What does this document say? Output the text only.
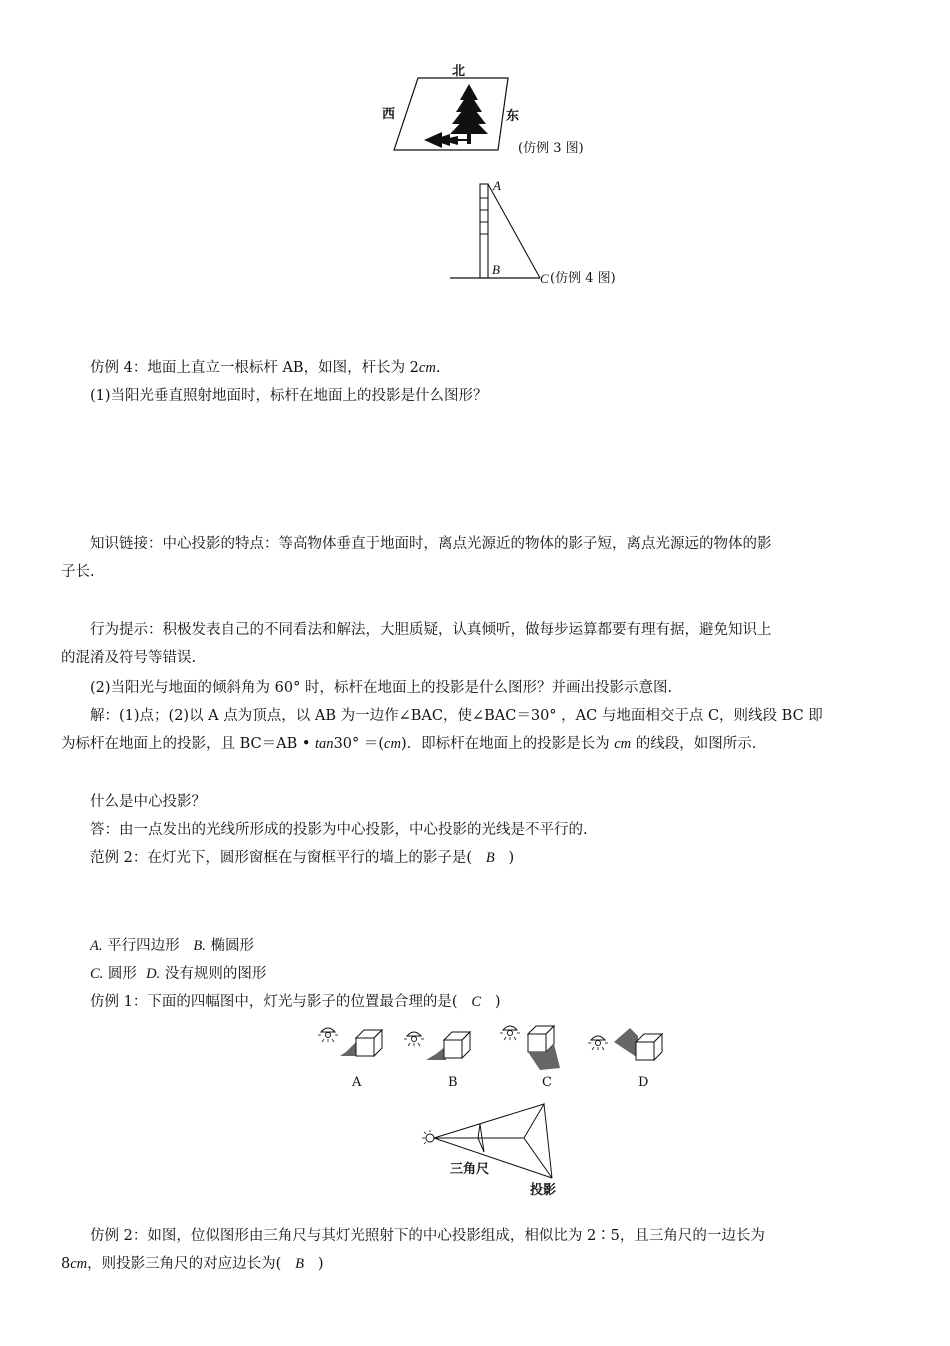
北
西	东
(仿例 3 图)
A
B
C (仿例 4 图)
仿例 4：地面上直立一根标杆 AB，如图，杆长为 2cm.
(1)当阳光垂直照射地面时，标杆在地面上的投影是什么图形？
知识链接：中心投影的特点：等高物体垂直于地面时，离点光源近的物体的影子短，离点光源远的物体的影
子长.
行为提示：积极发表自己的不同看法和解法，大胆质疑，认真倾听，做每步运算都要有理有据，避免知识上
的混淆及符号等错误.
(2)当阳光与地面的倾斜角为 60° 时，标杆在地面上的投影是什么图形？并画出投影示意图.
解：(1)点；(2)以 A 点为顶点，以 AB 为一边作∠BAC，使∠BAC＝30° ，AC 与地面相交于点 C，则线段 BC 即
为标杆在地面上的投影，且 BC＝AB • tan30° ＝(cm)．即标杆在地面上的投影是长为 cm 的线段，如图所示.
什么是中心投影？
答：由一点发出的光线所形成的投影为中心投影，中心投影的光线是不平行的.
范例 2：在灯光下，圆形窗框在与窗框平行的墙上的影子是( B )
A. 平行四边形 B. 椭圆形
C. 圆形 D. 没有规则的图形
仿例 1：下面的四幅图中，灯光与影子的位置最合理的是( C )
A	B	C	D
三角尺
投影
仿例 2：如图，位似图形由三角尺与其灯光照射下的中心投影组成，相似比为 2∶5，且三角尺的一边长为
8cm，则投影三角尺的对应边长为( B )
